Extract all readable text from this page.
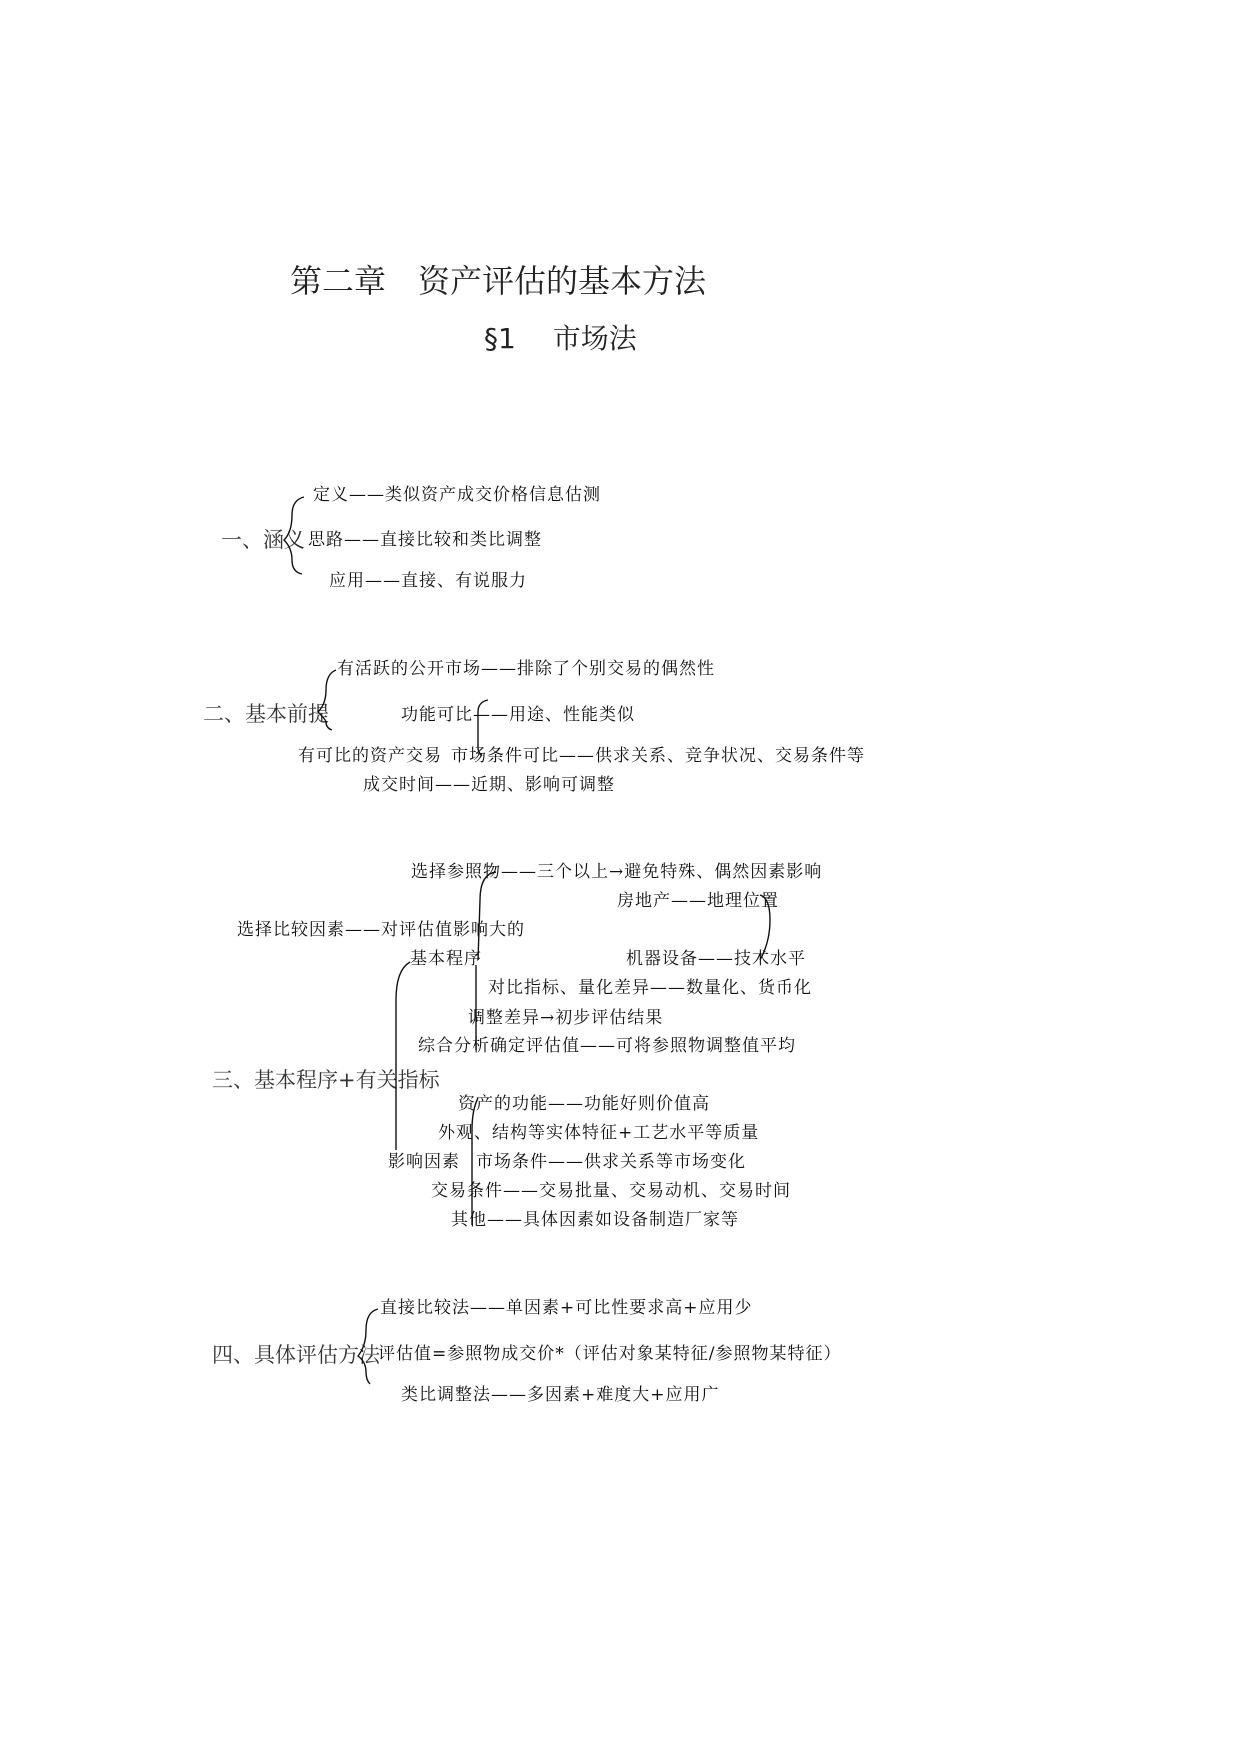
第二章　资产评估的基本方法
§1　 市场法
一、涵义
定义——类似资产成交价格信息估测
思路——直接比较和类比调整
应用——直接、有说服力
二、基本前提
有活跃的公开市场——排除了个别交易的偶然性
功能可比——用途、性能类似
有可比的资产交易 市场条件可比——供求关系、竞争状况、交易条件等
成交时间——近期、影响可调整
选择参照物——三个以上→避免特殊、偶然因素影响
房地产——地理位置
选择比较因素——对评估值影响大的
基本程序	机器设备——技术水平
对比指标、量化差异——数量化、货币化
调整差异→初步评估结果
综合分析确定评估值——可将参照物调整值平均
三、基本程序+有关指标
资产的功能——功能好则价值高
外观、结构等实体特征+工艺水平等质量
影响因素 市场条件——供求关系等市场变化
交易条件——交易批量、交易动机、交易时间
其他——具体因素如设备制造厂家等
四、具体评估方法
直接比较法——单因素+可比性要求高+应用少
评估值=参照物成交价*（评估对象某特征/参照物某特征）
类比调整法——多因素+难度大+应用广
